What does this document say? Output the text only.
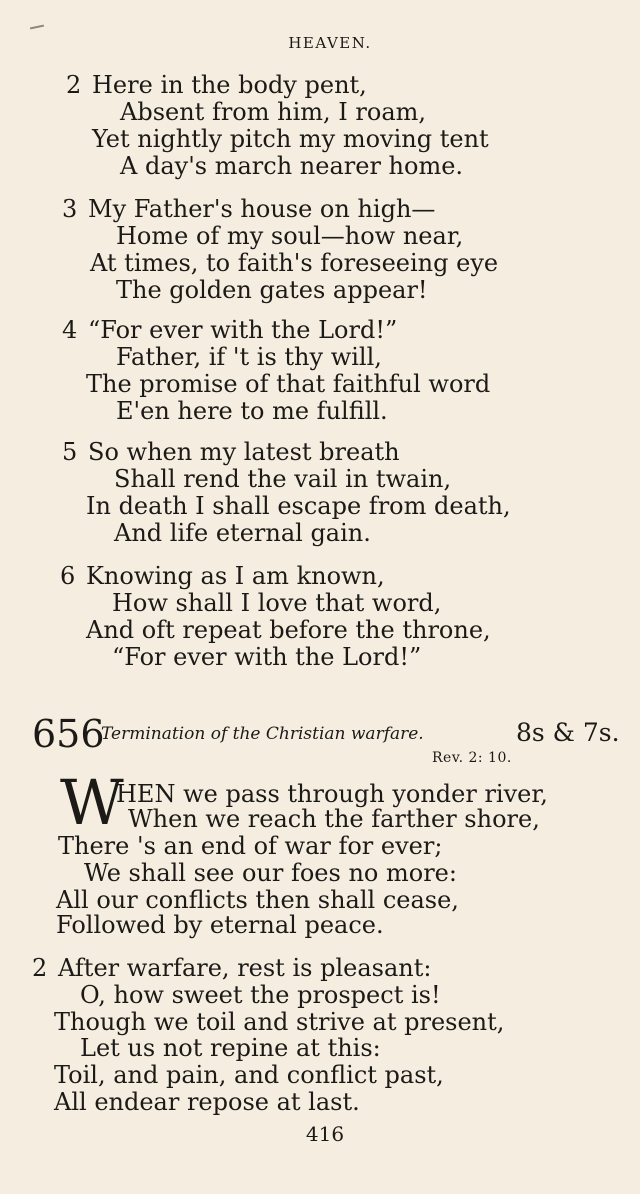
HEAVEN.
2 Here in the body pent,
Absent from him, I roam,
Yet nightly pitch my moving tent
A day's march nearer home.
3 My Father's house on high—
Home of my soul—how near,
At times, to faith's foreseeing eye
The golden gates appear!
4 “For ever with the Lord!”
Father, if 't is thy will,
The promise of that faithful word
E'en here to me fulfill.
5 So when my latest breath
Shall rend the vail in twain,
In death I shall escape from death,
And life eternal gain.
6 Knowing as I am known,
How shall I love that word,
And oft repeat before the throne,
“For ever with the Lord!”
656
Termination of the Christian warfare.	8s & 7s.
Rev. 2: 10.
W
HEN we pass through yonder river,
When we reach the farther shore,
There 's an end of war for ever;
We shall see our foes no more:
All our conflicts then shall cease,
Followed by eternal peace.
2 After warfare, rest is pleasant:
O, how sweet the prospect is!
Though we toil and strive at present,
Let us not repine at this:
Toil, and pain, and conflict past,
All endear repose at last.
416
